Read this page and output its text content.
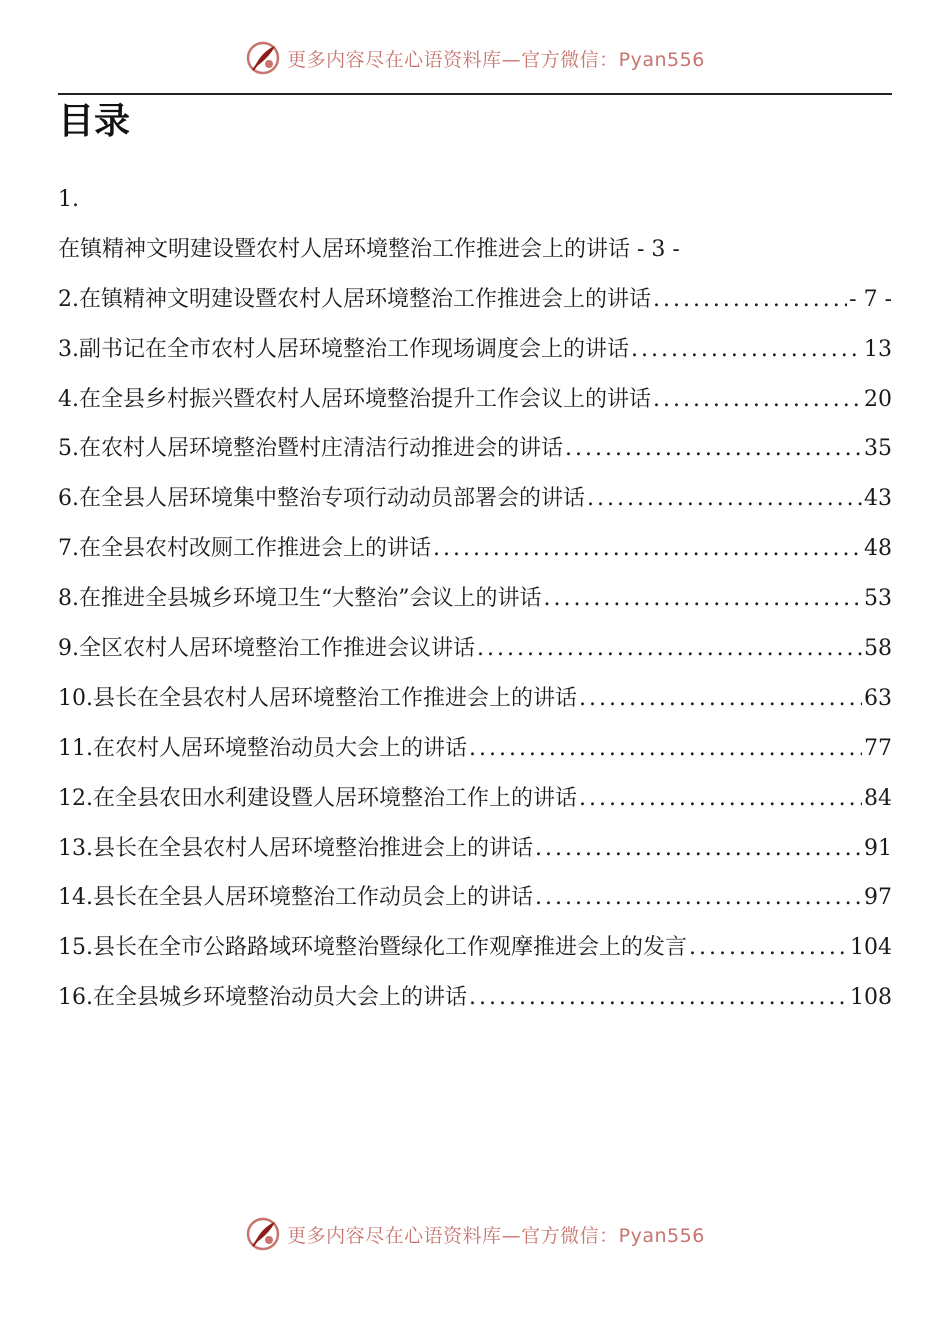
更多内容尽在心语资料库—官方微信：Pyan556
目录
1.
在镇精神文明建设暨农村人居环境整治工作推进会上的讲话 - 3 -
2. 在镇精神文明建设暨农村人居环境整治工作推进会上的讲话 . . .	- 7 -
3. 副书记在全市农村人居环境整治工作现场调度会上的讲话 . . .	13
4. 在全县乡村振兴暨农村人居环境整治提升工作会议上的讲话 . . .	20
5. 在农村人居环境整治暨村庄清洁行动推进会的讲话 . . .	35
6. 在全县人居环境集中整治专项行动动员部署会的讲话 . . .	43
7. 在全县农村改厕工作推进会上的讲话 . . .	48
8. 在推进全县城乡环境卫生“大整治”会议上的讲话 . . .	53
9. 全区农村人居环境整治工作推进会议讲话 . . .	58
10. 县长在全县农村人居环境整治工作推进会上的讲话 . . .	63
11. 在农村人居环境整治动员大会上的讲话 . . .	77
12. 在全县农田水利建设暨人居环境整治工作上的讲话 . . .	84
13. 县长在全县农村人居环境整治推进会上的讲话 . . .	91
14. 县长在全县人居环境整治工作动员会上的讲话 . . .	97
15. 县长在全市公路路域环境整治暨绿化工作观摩推进会上的发言 . . .	104
16. 在全县城乡环境整治动员大会上的讲话 . . .	108
更多内容尽在心语资料库—官方微信：Pyan556
